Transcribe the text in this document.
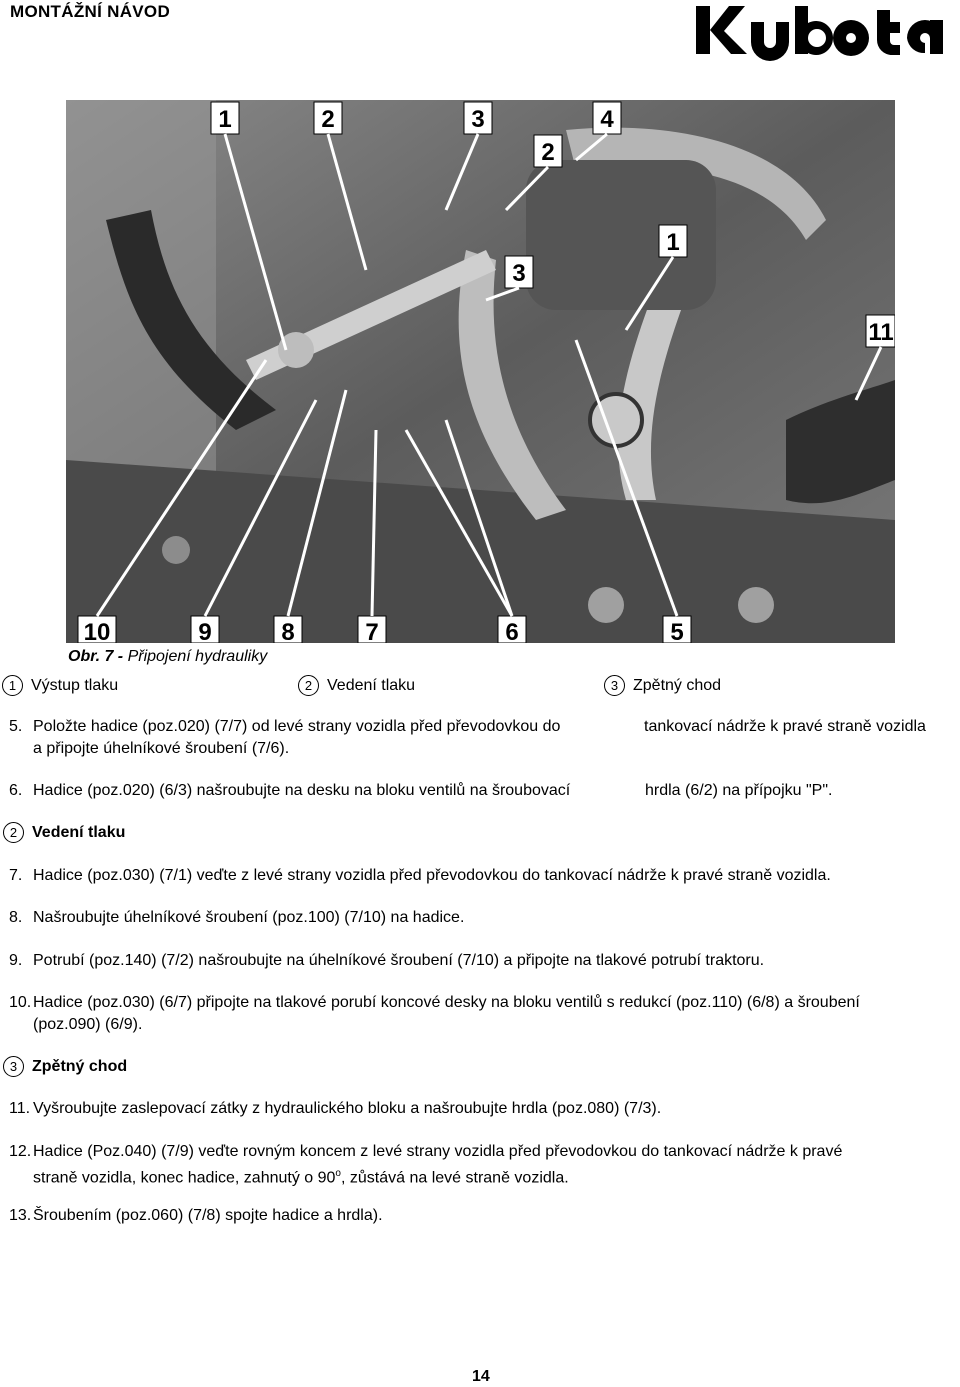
MONTÁŽNÍ NÁVOD
1	2	3	4
2
1
3
11
10	9	8	7	6	5
Obr. 7 - Připojení hydrauliky
1 Výstup tlaku	2 Vedení tlaku	3 Zpětný chod
5. Položte hadice (poz.020) (7/7) od levé strany vozidla před převodovkou do	tankovací nádrže k pravé straně vozidla
a připojte úhelníkové šroubení (7/6).
6. Hadice (poz.020) (6/3) našroubujte na desku na bloku ventilů na šroubovací	hrdla (6/2) na přípojku "P".
2 Vedení tlaku
7. Hadice (poz.030) (7/1) veďte z levé strany vozidla před převodovkou do tankovací nádrže k pravé straně vozidla.
8. Našroubujte úhelníkové šroubení (poz.100) (7/10) na hadice.
9. Potrubí (poz.140) (7/2) našroubujte na úhelníkové šroubení (7/10) a připojte na tlakové potrubí traktoru.
10. Hadice (poz.030) (6/7) připojte na tlakové porubí koncové desky na bloku ventilů s redukcí (poz.110) (6/8) a šroubení
(poz.090) (6/9).
3 Zpětný chod
11. Vyšroubujte zaslepovací zátky z hydraulického bloku a našroubujte hrdla (poz.080) (7/3).
12. Hadice (Poz.040) (7/9) veďte rovným koncem z levé strany vozidla před převodovkou do tankovací nádrže k pravé
straně vozidla, konec hadice, zahnutý o 90$^o$, zůstává na levé straně vozidla.
13. Šroubením (poz.060) (7/8) spojte hadice a hrdla).
14
